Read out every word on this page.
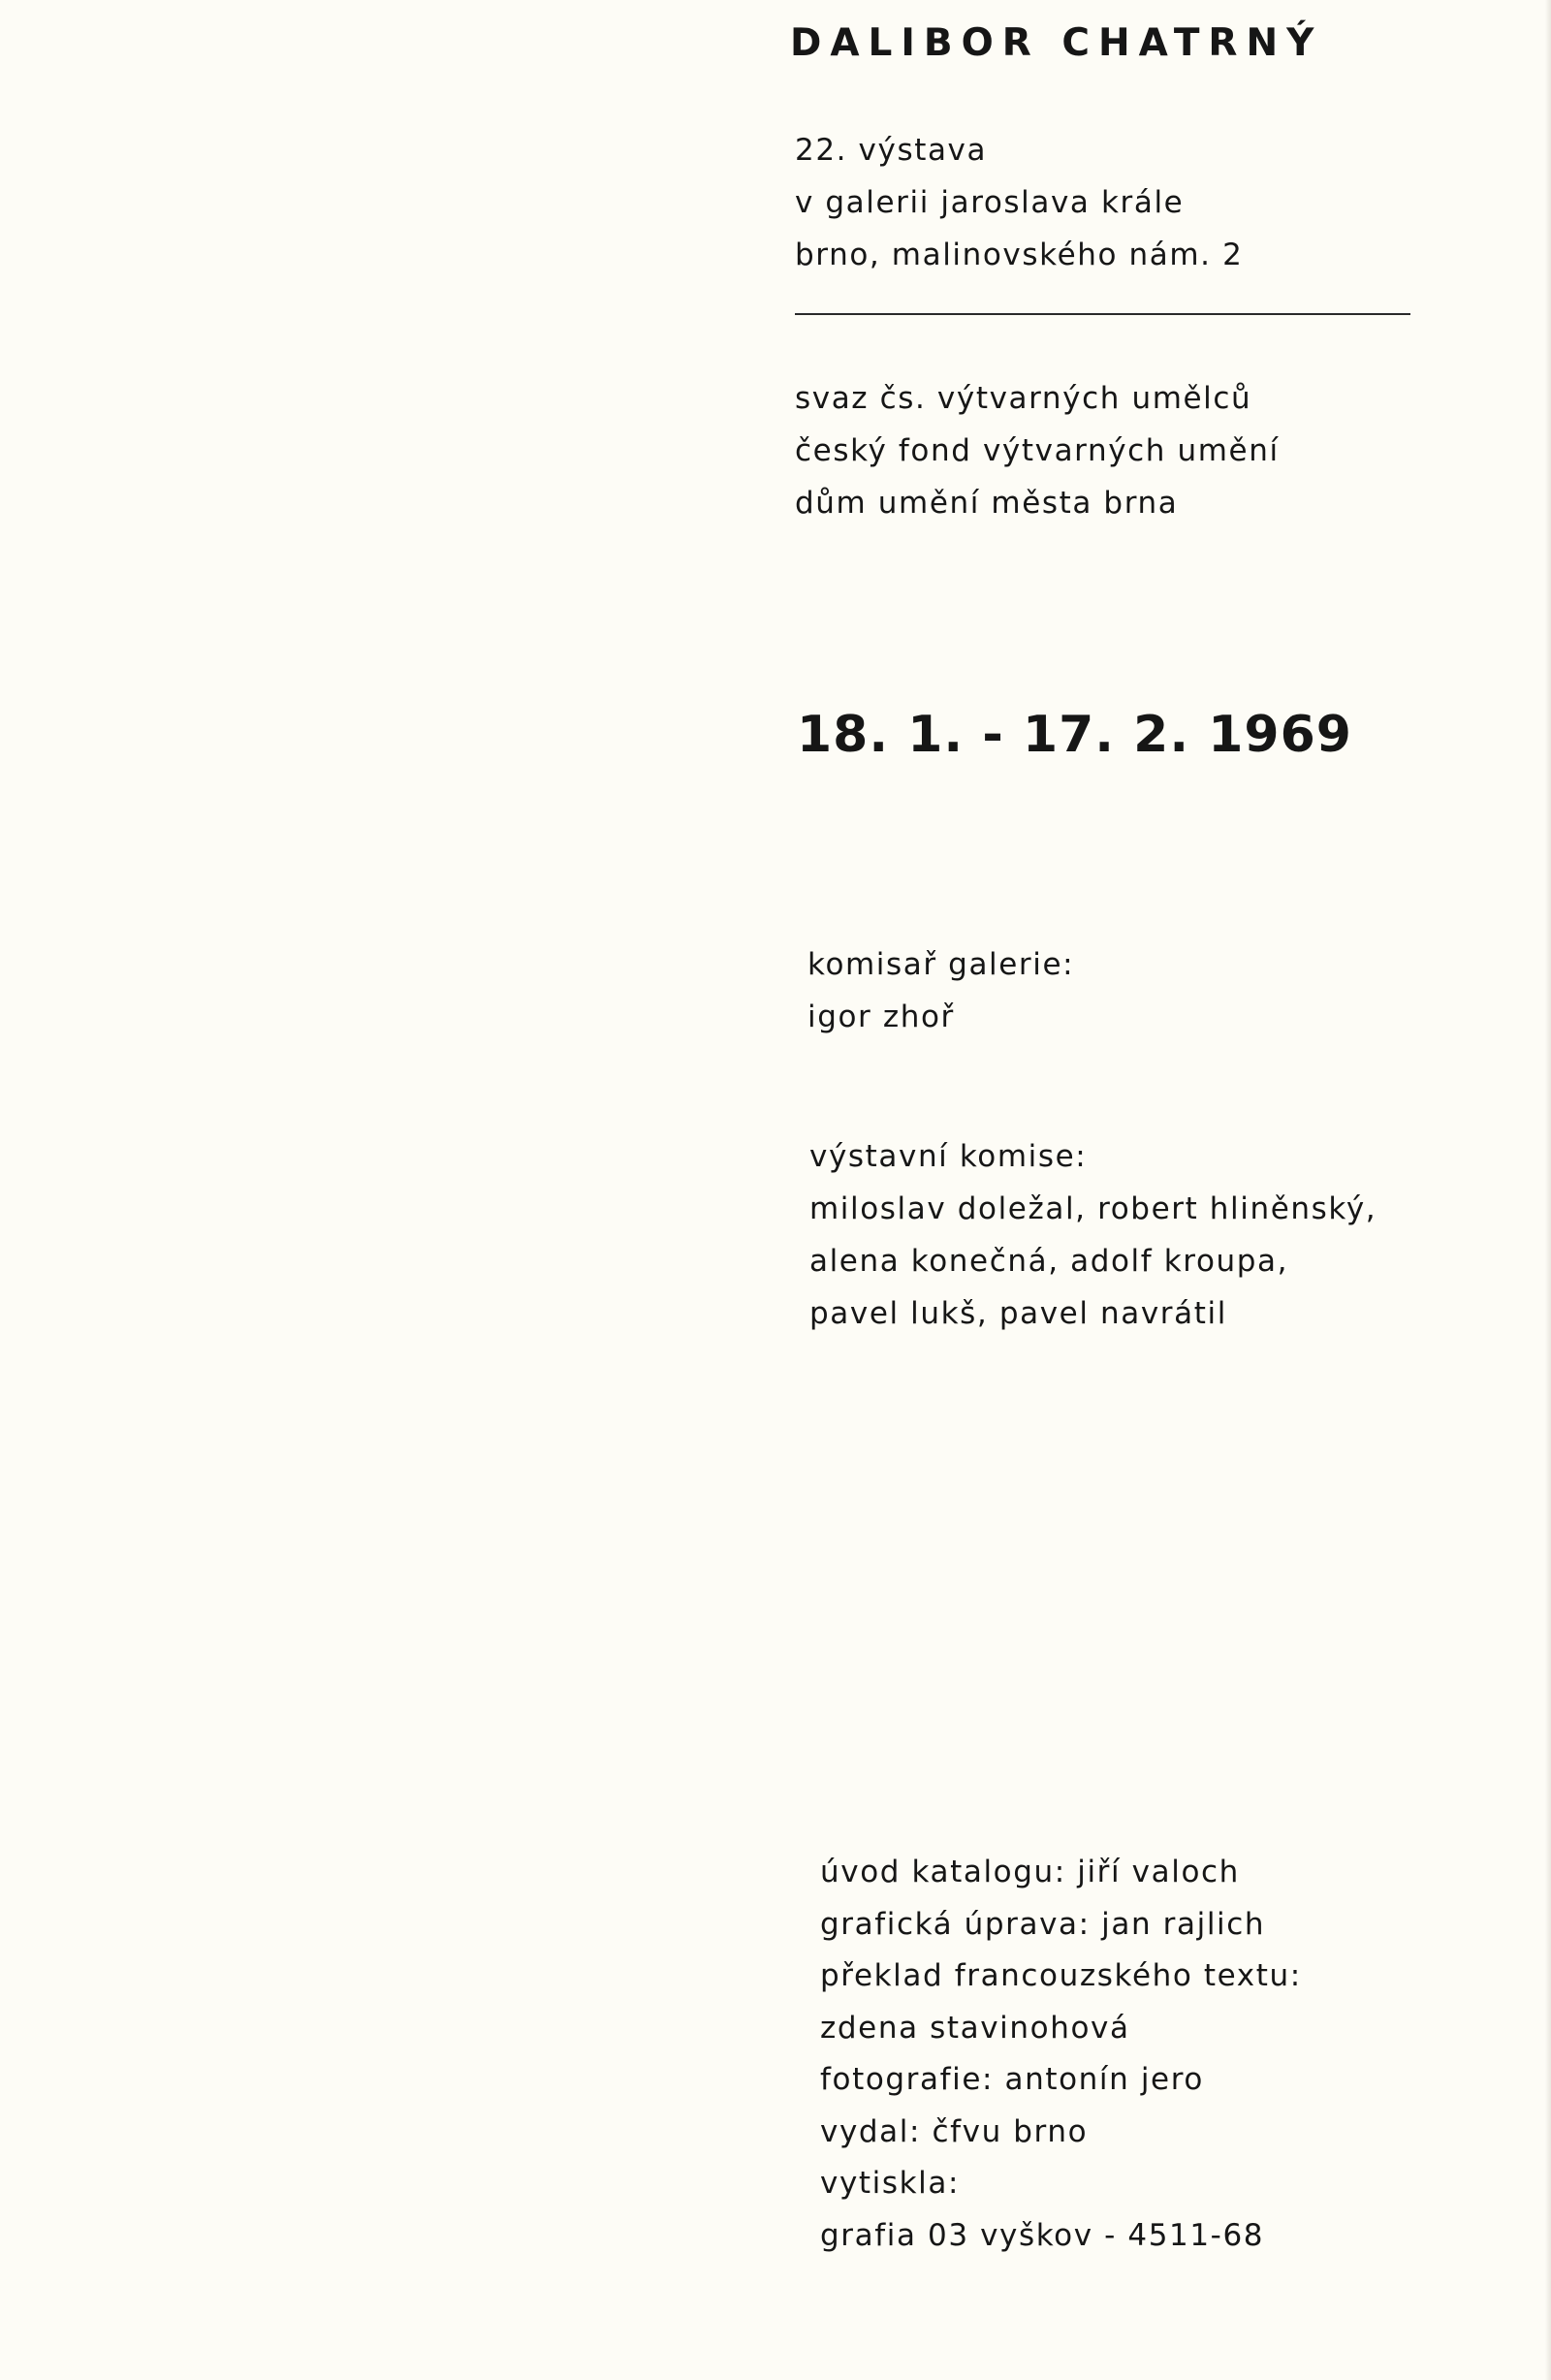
DALIBOR CHATRNÝ
22. výstava
v galerii jaroslava krále
brno, malinovského nám. 2
svaz čs. výtvarných umělců
český fond výtvarných umění
dům umění města brna
18. 1. - 17. 2. 1969
komisař galerie:
igor zhoř
výstavní komise:
miloslav doležal, robert hliněnský,
alena konečná, adolf kroupa,
pavel lukš, pavel navrátil
úvod katalogu: jiří valoch
grafická úprava: jan rajlich
překlad francouzského textu:
zdena stavinohová
fotografie: antonín jero
vydal: čfvu brno
vytiskla:
grafia 03 vyškov - 4511-68
